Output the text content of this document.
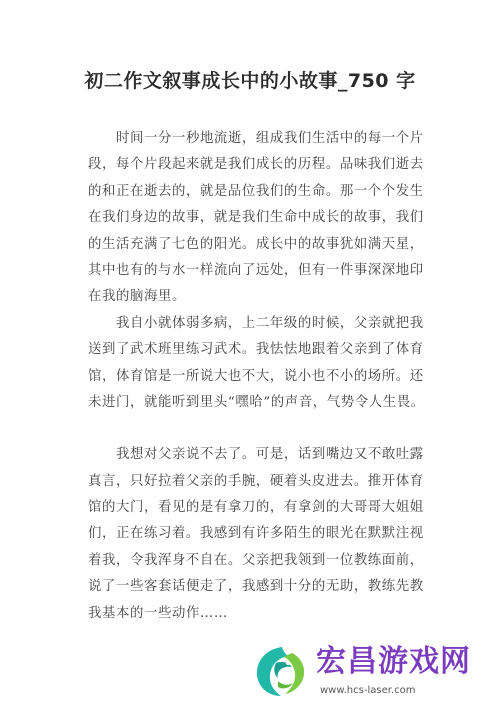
初二作文叙事成长中的小故事_750 字
时间一分一秒地流逝，组成我们生活中的每一个片
段，每个片段起来就是我们成长的历程。品味我们逝去
的和正在逝去的，就是品位我们的生命。那一个个发生
在我们身边的故事，就是我们生命中成长的故事，我们
的生活充满了七色的阳光。成长中的故事犹如满天星，
其中也有的与水一样流向了远处，但有一件事深深地印
在我的脑海里。
我自小就体弱多病，上二年级的时候，父亲就把我
送到了武术班里练习武术。我怯怯地跟着父亲到了体育
馆，体育馆是一所说大也不大，说小也不小的场所。还
未进门，就能听到里头“嘿哈”的声音，气势令人生畏。
我想对父亲说不去了。可是，话到嘴边又不敢吐露
真言，只好拉着父亲的手腕，硬着头皮进去。推开体育
馆的大门，看见的是有拿刀的，有拿剑的大哥哥大姐姐
们，正在练习着。我感到有许多陌生的眼光在默默注视
着我，令我浑身不自在。父亲把我领到一位教练面前，
说了一些客套话便走了，我感到十分的无助，教练先教
我基本的一些动作……
宏昌游戏网
www.hcs-laser.com
